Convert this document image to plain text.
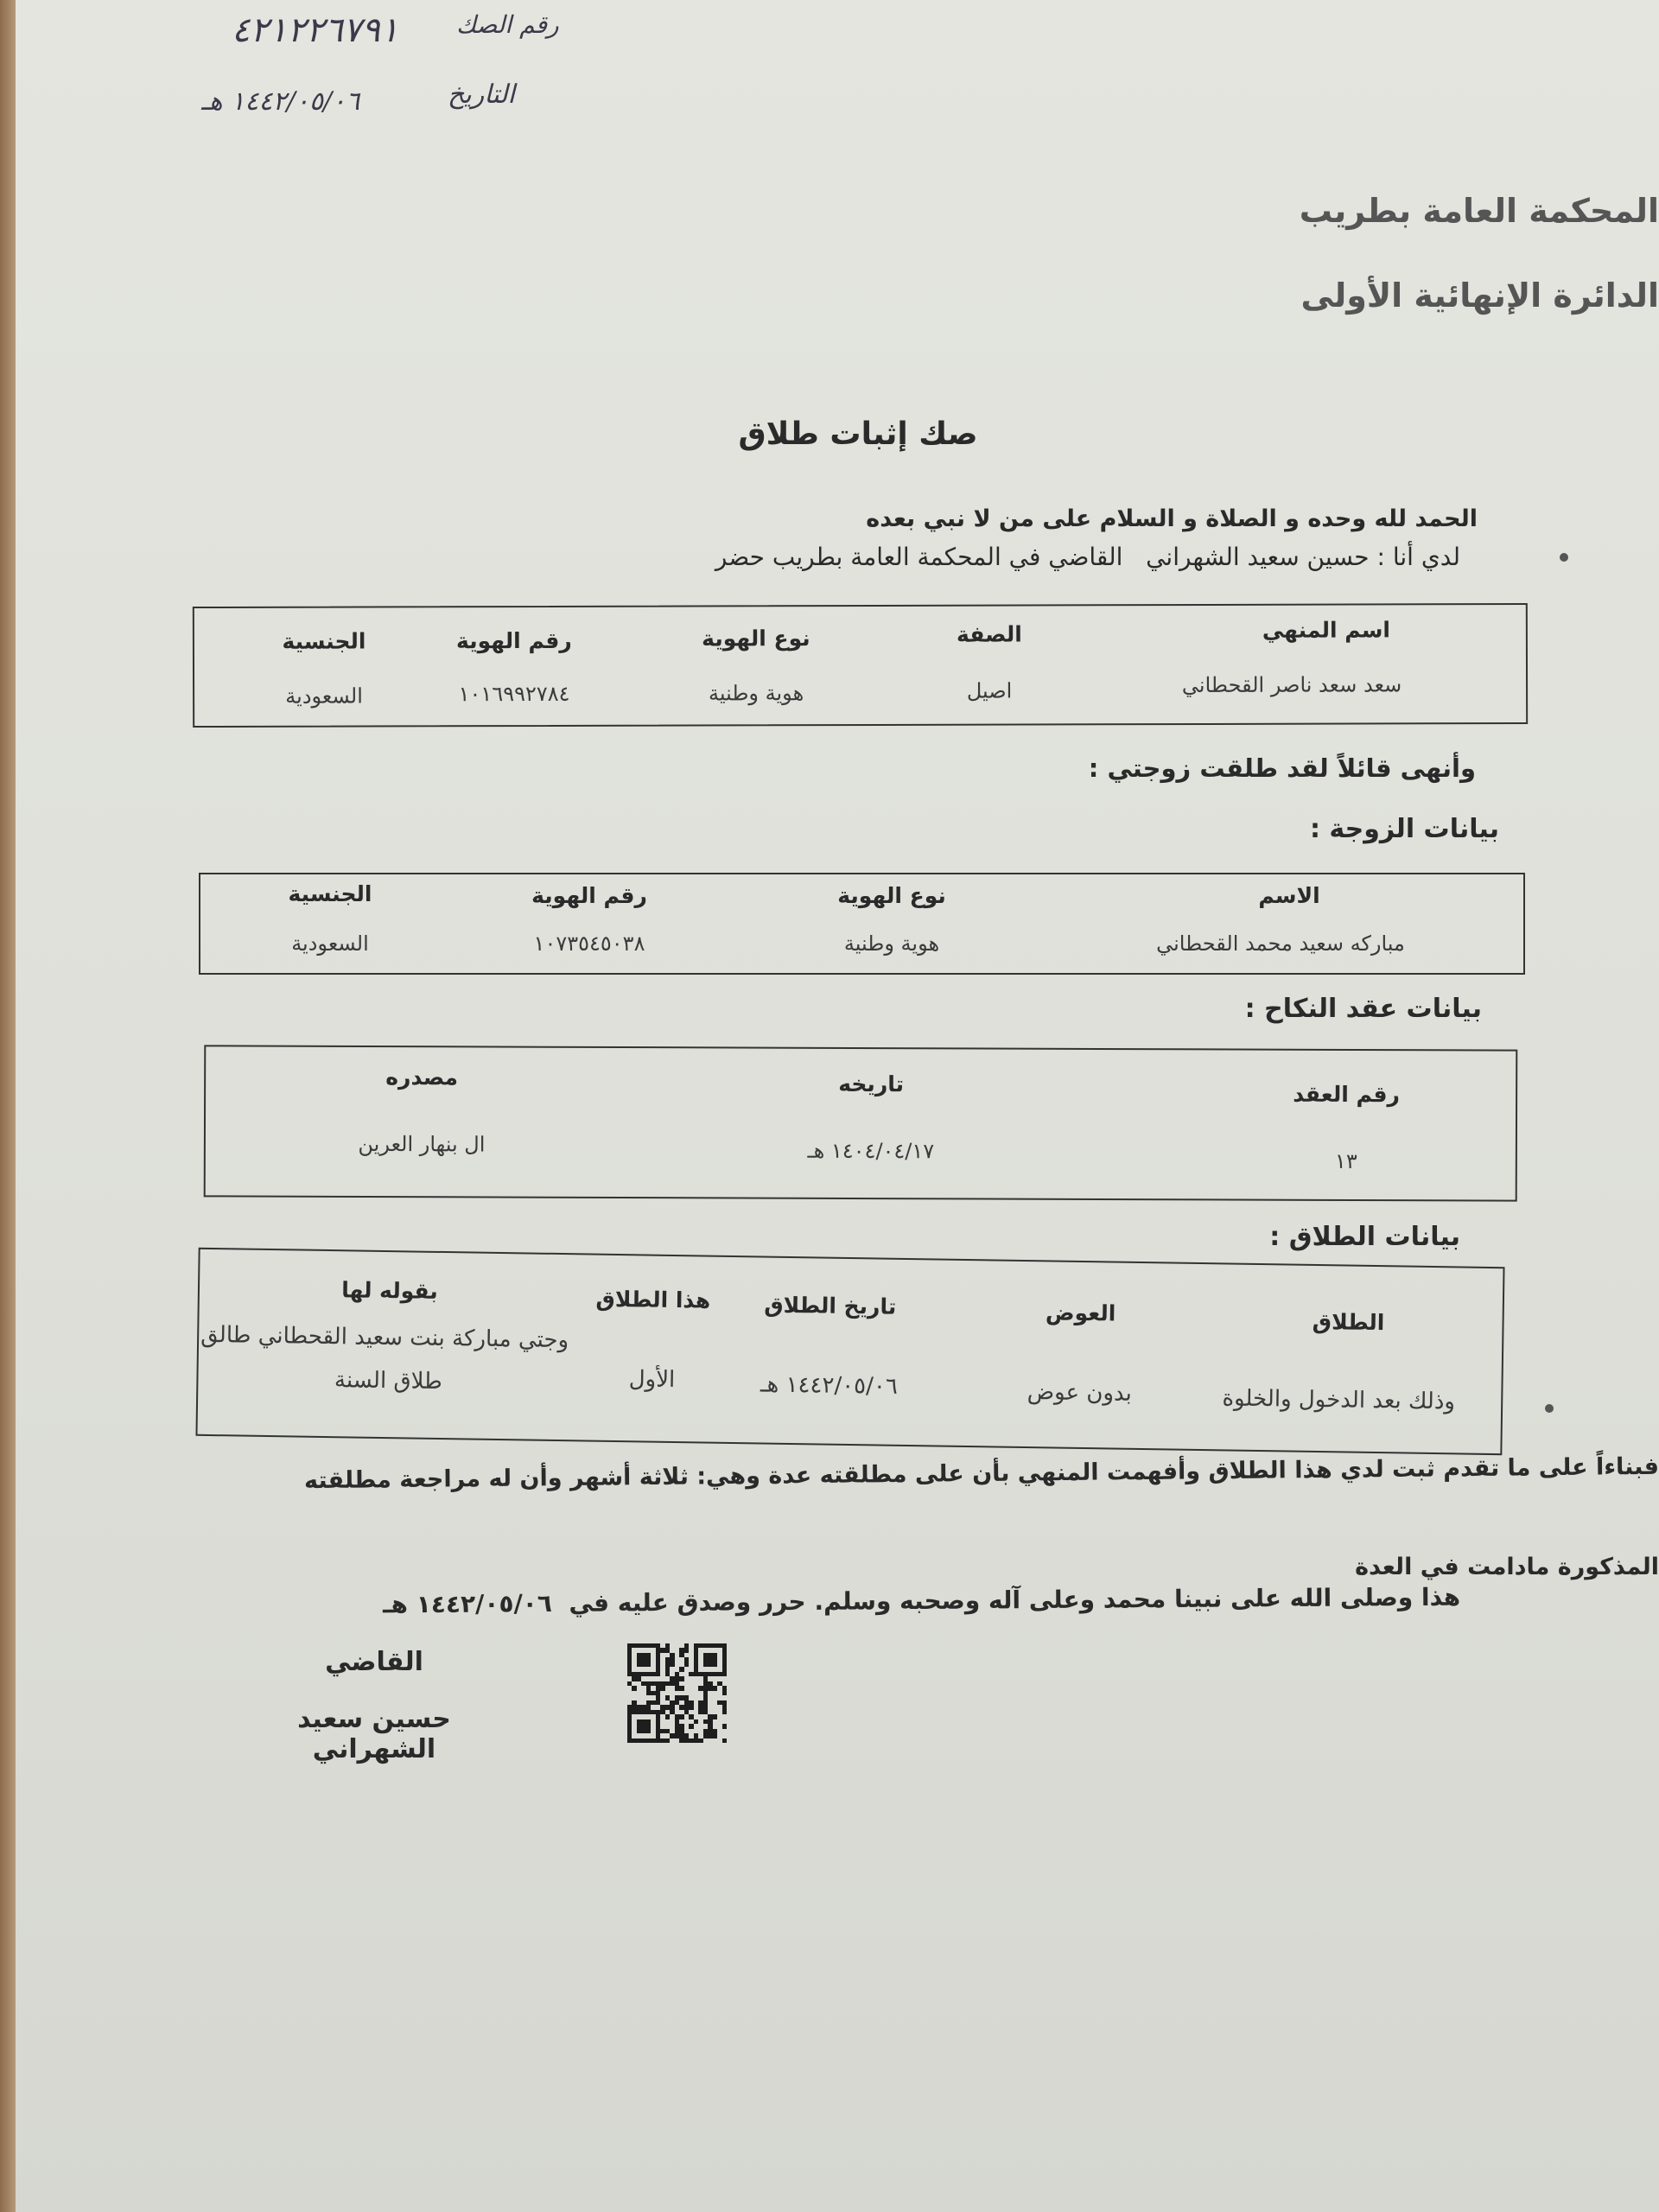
رقم الصك
٤٢١٢٢٦٧٩١
التاريخ
١٤٤٢/٠٥/٠٦ هـ
المحكمة العامة بطريب
الدائرة الإنهائية الأولى
صك إثبات طلاق
الحمد لله وحده و الصلاة و السلام على من لا نبي بعده
لدي أنا : حسين سعيد الشهراني   القاضي في المحكمة العامة بطريب حضر
اسم المنهي
الصفة
نوع الهوية
رقم الهوية
الجنسية
سعد سعد ناصر القحطاني
اصيل
هوية وطنية
١٠١٦٩٩٢٧٨٤
السعودية
وأنهى قائلاً لقد طلقت زوجتي :
بيانات الزوجة :
الاسم
نوع الهوية
رقم الهوية
الجنسية
مباركه سعيد محمد القحطاني
هوية وطنية
١٠٧٣٥٤٥٠٣٨
السعودية
بيانات عقد النكاح :
رقم العقد
تاريخه
مصدره
١٣
١٤٠٤/٠٤/١٧ هـ
ال بنهار العرين
بيانات الطلاق :
الطلاق
العوض
تاريخ الطلاق
هذا الطلاق
بقوله لها
وذلك بعد الدخول والخلوة
بدون عوض
١٤٤٢/٠٥/٠٦ هـ
الأول
وجتي مباركة بنت سعيد القحطاني طالق
طلاق السنة
فبناءاً على ما تقدم ثبت لدي هذا الطلاق وأفهمت المنهي بأن على مطلقته عدة وهي: ثلاثة أشهر وأن له مراجعة مطلقته
المذكورة مادامت في العدة
هذا وصلى الله على نبينا محمد وعلى آله وصحبه وسلم. حرر وصدق عليه في  ١٤٤٢/٠٥/٠٦ هـ
القاضي
حسين سعيد الشهراني
